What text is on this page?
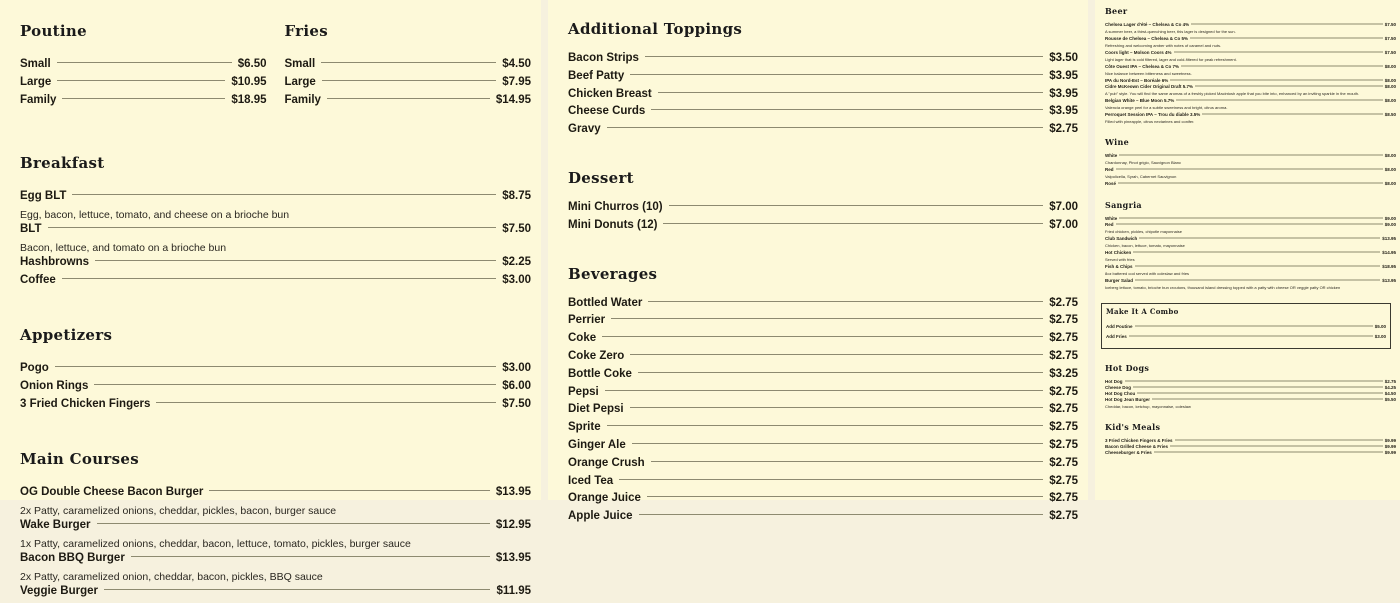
Poutine
Small	$6.50
Large	$10.95
Family	$18.95
Fries
Small	$4.50
Large	$7.95
Family	$14.95
Breakfast
Egg BLT	$8.75
Egg, bacon, lettuce, tomato, and cheese on a brioche bun
BLT	$7.50
Bacon, lettuce, and tomato on a brioche bun
Hashbrowns	$2.25
Coffee	$3.00
Appetizers
Pogo	$3.00
Onion Rings	$6.00
3 Fried Chicken Fingers	$7.50
Main Courses
OG Double Cheese Bacon Burger	$13.95
2x Patty, caramelized onions, cheddar, pickles, bacon, burger sauce
Wake Burger	$12.95
1x Patty, caramelized onions, cheddar, bacon, lettuce, tomato, pickles, burger sauce
Bacon BBQ Burger	$13.95
2x Patty, caramelized onion, cheddar, bacon, pickles, BBQ sauce
Veggie Burger	$11.95
Additional Toppings
Bacon Strips	$3.50
Beef Patty	$3.95
Chicken Breast	$3.95
Cheese Curds	$3.95
Gravy	$2.75
Dessert
Mini Churros (10)	$7.00
Mini Donuts (12)	$7.00
Beverages
Bottled Water	$2.75
Perrier	$2.75
Coke	$2.75
Coke Zero	$2.75
Bottle Coke	$3.25
Pepsi	$2.75
Diet Pepsi	$2.75
Sprite	$2.75
Ginger Ale	$2.75
Orange Crush	$2.75
Iced Tea	$2.75
Orange Juice	$2.75
Apple Juice	$2.75
Beer
Chelsea Lager d'été – Chelsea & Co 4%	$7.50
A summer beer, a thirst-quenching beer, this lager is designed for the sun.
Rousse de Chelsea – Chelsea & Co 5%	$7.50
Refreshing and welcoming amber with notes of caramel and nuts.
Coors light – Molson Coors 4%	$7.50
Light lager that is cold filtered, lager and cold-filtered for peak refreshment.
Côte Ouest IPA – Chelsea & Co 7%	$8.00
Nice balance between bitterness and sweetness.
IPA du Nord-Est – Boréale 6%	$8.00
Cidre McKeown Cider Original Draft 5.7%	$8.00
A "pub" style. You will find the same aromas of a freshly picked Macintosh apple that you bite into, enhanced by an inviting sparkle in the mouth.
Belgian White – Blue Moon 5.7%	$8.00
Valencia orange peel for a subtle sweetness and bright, citrus aroma.
Perroquet Session IPA – Trou du diable 3.5%	$8.50
Filled with pineapple, citrus nectarines and conifer.
Wine
White	$8.00
Chardonnay, Pinot grigio, Sauvignon Blanc
Red	$8.00
Valpolicella, Syrah, Cabernet Sauvignon
Rosé	$8.00
Sangria
White	$9.00
Red	$9.00
Fried chicken, pickles, chipotle mayonnaise
Club Sandwich	$13.95
Chicken, bacon, lettuce, tomato, mayonnaise
Hot Chicken	$14.95
Served with fries
Fish & Chips	$18.95
8oz battered cod served with coleslaw and fries
Burger Salad	$13.95
Iceberg lettuce, tomato, brioche bun croutons, thousand island dressing topped with a patty with cheese OR veggie patty OR chicken
Make It A Combo
Add Poutine	$5.00
Add Fries	$3.00
Hot Dogs
Hot Dog	$2.75
Cheese Dog	$4.25
Hot Dog Chou	$4.50
Hot Dog Jean Burger	$5.50
Cheddar, bacon, ketchup, mayonnaise, coleslaw
Kid's Meals
3 Fried Chicken Fingers & Fries	$9.99
Bacon Grilled Cheese & Fries	$9.99
Cheeseburger & Fries	$9.99
